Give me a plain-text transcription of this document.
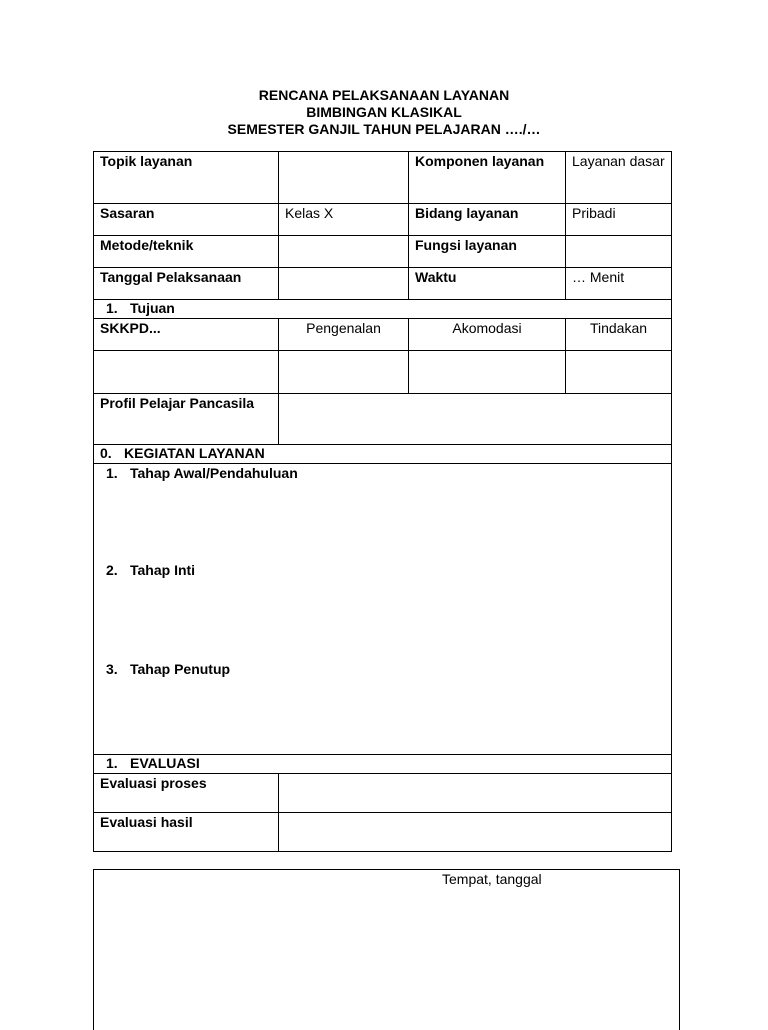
RENCANA PELAKSANAAN LAYANAN
BIMBINGAN KLASIKAL
SEMESTER GANJIL TAHUN PELAJARAN …./…
Topik layanan		Komponen layanan	Layanan dasar
Sasaran	Kelas X	Bidang layanan	Pribadi
Metode/teknik		Fungsi layanan	
Tanggal Pelaksanaan		Waktu	… Menit
1. Tujuan			
SKKPD...	Pengenalan	Akomodasi	Tindakan

Profil Pelajar Pancasila			
0. KEGIATAN LAYANAN			

1. Tahap Awal/Pendahuluan
2. Tahap Inti
3. Tahap Penutup			

1. EVALUASI			
Evaluasi proses			
Evaluasi hasil			
Tempat, tanggal
